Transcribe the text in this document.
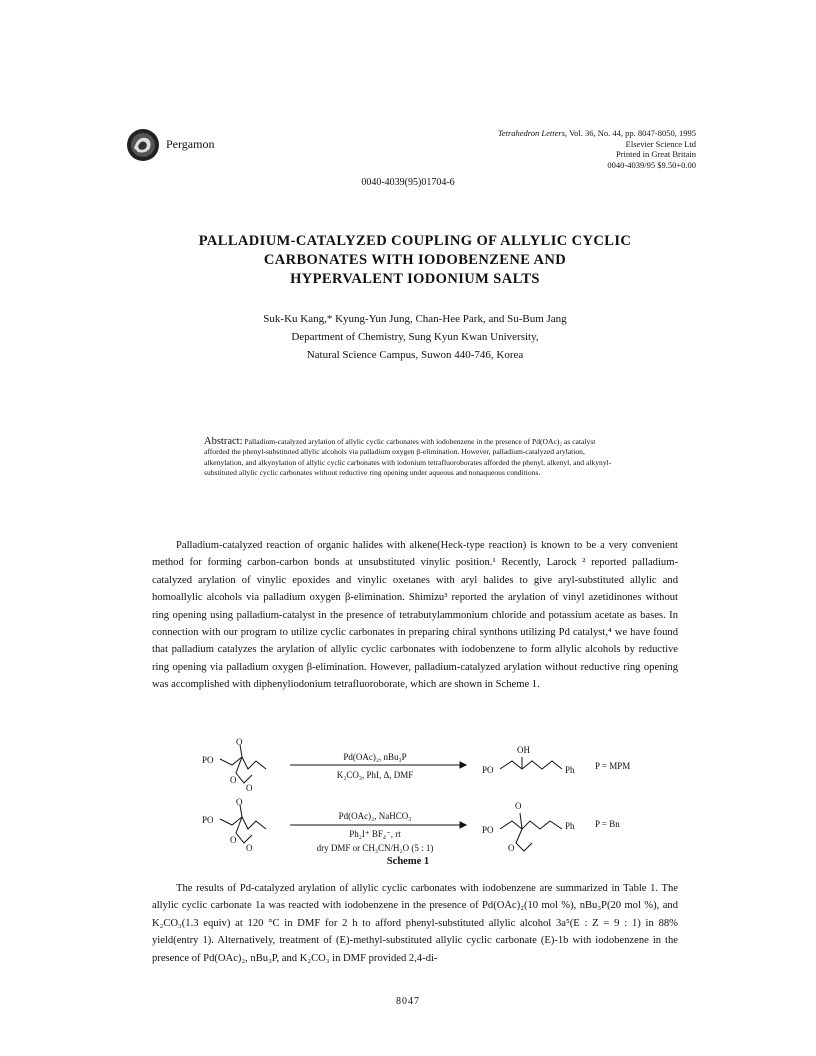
Pergamon
Tetrahedron Letters, Vol. 36, No. 44, pp. 8047-8050, 1995
Elsevier Science Ltd
Printed in Great Britain
0040-4039/95 $9.50+0.00
0040-4039(95)01704-6
PALLADIUM-CATALYZED COUPLING OF ALLYLIC CYCLIC
CARBONATES WITH IODOBENZENE AND
HYPERVALENT IODONIUM SALTS
Suk-Ku Kang,* Kyung-Yun Jung, Chan-Hee Park, and Su-Bum Jang
Department of Chemistry, Sung Kyun Kwan University,
Natural Science Campus, Suwon 440-746, Korea
Abstract: Palladium-catalyzed arylation of allylic cyclic carbonates with iodobenzene in the presence of Pd(OAc)₂ as catalyst afforded the phenyl-substituted allylic alcohols via palladium oxygen β-elimination. However, palladium-catalyzed arylation, alkenylation, and alkynylation of allylic cyclic carbonates with iodonium tetrafluoroborates afforded the phenyl, alkenyl, and alkynyl-substituted allylic cyclic carbonates without reductive ring opening under aqueous and nonaqueous conditions.

Palladium-catalyzed reaction of organic halides with alkene(Heck-type reaction) is known to be a very convenient method for forming carbon-carbon bonds at unsubstituted vinylic position.¹ Recently, Larock ² reported palladium-catalyzed arylation of vinylic epoxides and vinylic oxetanes with aryl halides to give aryl-substituted allylic and homoallylic alcohols via palladium oxygen β-elimination. Shimizu³ reported the arylation of vinyl azetidinones without ring opening using palladium-catalyst in the presence of tetrabutylammonium chloride and potassium acetate as bases. In connection with our program to utilize cyclic carbonates in preparing chiral synthons utilizing Pd catalyst,⁴ we have found that palladium catalyzes the arylation of allylic cyclic carbonates with iodobenzene to form allylic alcohols by reductive ring opening via palladium oxygen β-elimination. However, palladium-catalyzed arylation without reductive ring opening was accomplished with diphenyliodonium tetrafluoroborate, which are shown in Scheme 1.

PO
O
O
O
Pd(OAc)₂, nBu₃P
K₂CO₃, PhI, Δ, DMF	PO
OH
Ph P = MPM
PO
O
O
O
Pd(OAc)₂, NaHCO₃
Ph₂I⁺ BF₄⁻, rt
dry DMF or CH₃CN/H₂O (5 : 1)
PO
O
O
Ph P = Bn
Scheme 1

The results of Pd-catalyzed arylation of allylic cyclic carbonates with iodobenzene are summarized in Table 1. The allylic cyclic carbonate 1a was reacted with iodobenzene in the presence of Pd(OAc)₂(10 mol %), nBu₃P(20 mol %), and K₂CO₃(1.3 equiv) at 120 °C in DMF for 2 h to afford phenyl-substituted allylic alcohol 3a⁵(E : Z = 9 : 1) in 88% yield(entry 1). Alternatively, treatment of (E)-methyl-substituted allylic cyclic carbonate (E)-1b with iodobenzene in the presence of Pd(OAc)₂, nBu₃P, and K₂CO₃ in DMF provided 2,4-di-

8047
